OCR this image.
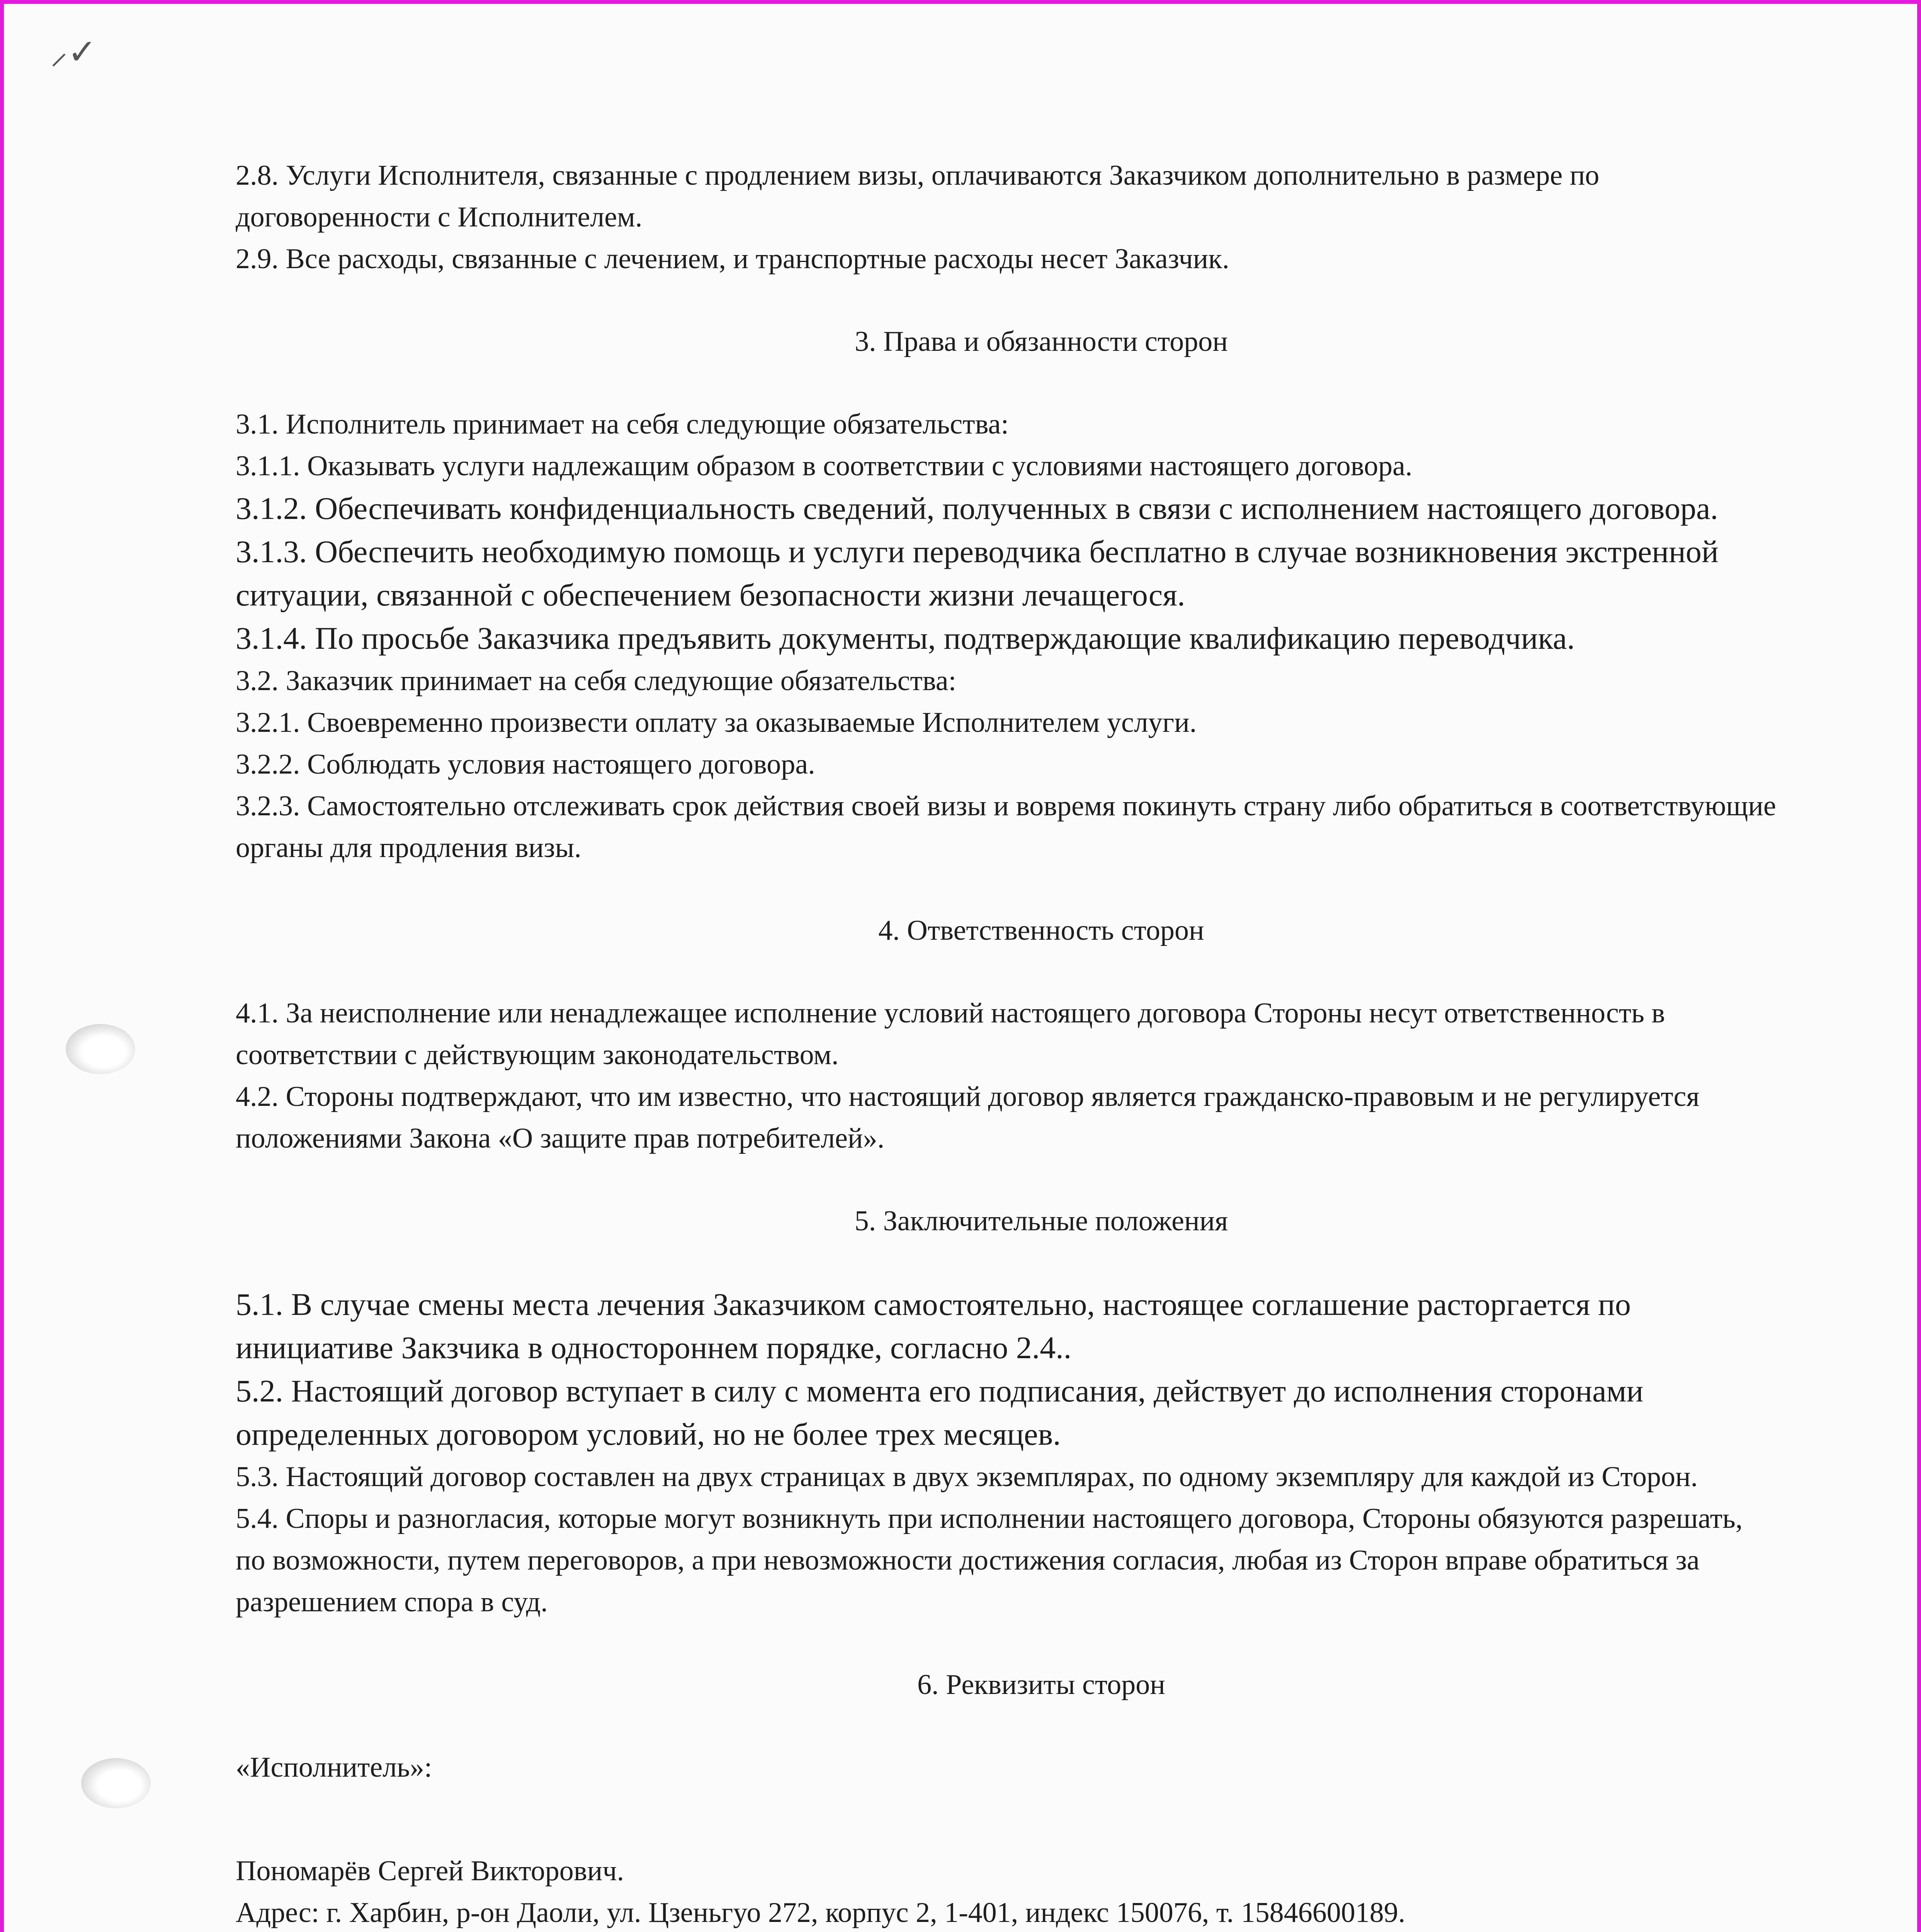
⸝✓

2.8. Услуги Исполнителя, связанные с продлением визы, оплачиваются Заказчиком дополнительно в размере по договоренности с Исполнителем.

2.9. Все расходы, связанные с лечением, и транспортные расходы несет Заказчик.

3. Права и обязанности сторон

3.1. Исполнитель принимает на себя следующие обязательства:

3.1.1. Оказывать услуги надлежащим образом в соответствии с условиями настоящего договора.

3.1.2. Обеспечивать конфиденциальность сведений, полученных в связи с исполнением настоящего договора.

3.1.3. Обеспечить необходимую помощь и услуги переводчика бесплатно в случае возникновения экстренной ситуации, связанной с обеспечением безопасности жизни лечащегося.

3.1.4. По просьбе Заказчика предъявить документы, подтверждающие квалификацию переводчика.

3.2. Заказчик принимает на себя следующие обязательства:

3.2.1. Своевременно произвести оплату за оказываемые Исполнителем услуги.

3.2.2. Соблюдать условия настоящего договора.

3.2.3. Самостоятельно отслеживать срок действия своей визы и вовремя покинуть страну либо обратиться в соответствующие органы для продления визы.

4. Ответственность сторон

4.1. За неисполнение или ненадлежащее исполнение условий настоящего договора Стороны несут ответственность в соответствии с действующим законодательством.

4.2. Стороны подтверждают, что им известно, что настоящий договор является гражданско-правовым и не регулируется положениями Закона «О защите прав потребителей».

5. Заключительные положения

5.1. В случае смены места лечения Заказчиком самостоятельно, настоящее соглашение расторгается по инициативе Закзчика в одностороннем порядке, согласно 2.4..

5.2. Настоящий договор вступает в силу с момента его подписания, действует до исполнения сторонами определенных договором условий, но не более трех месяцев.

5.3. Настоящий договор составлен на двух страницах в двух экземплярах, по одному экземпляру для каждой из Сторон.

5.4. Споры и разногласия, которые могут возникнуть при исполнении настоящего договора, Стороны обязуются разрешать, по возможности, путем переговоров, а при невозможности достижения согласия, любая из Сторон вправе обратиться за разрешением спора в суд.

6. Реквизиты сторон

«Исполнитель»:

Пономарёв Сергей Викторович.

Адрес: г. Харбин, р-он Даоли, ул. Цзеньгуо 272, корпус 2, 1-401, индекс 150076, т. 15846600189.
